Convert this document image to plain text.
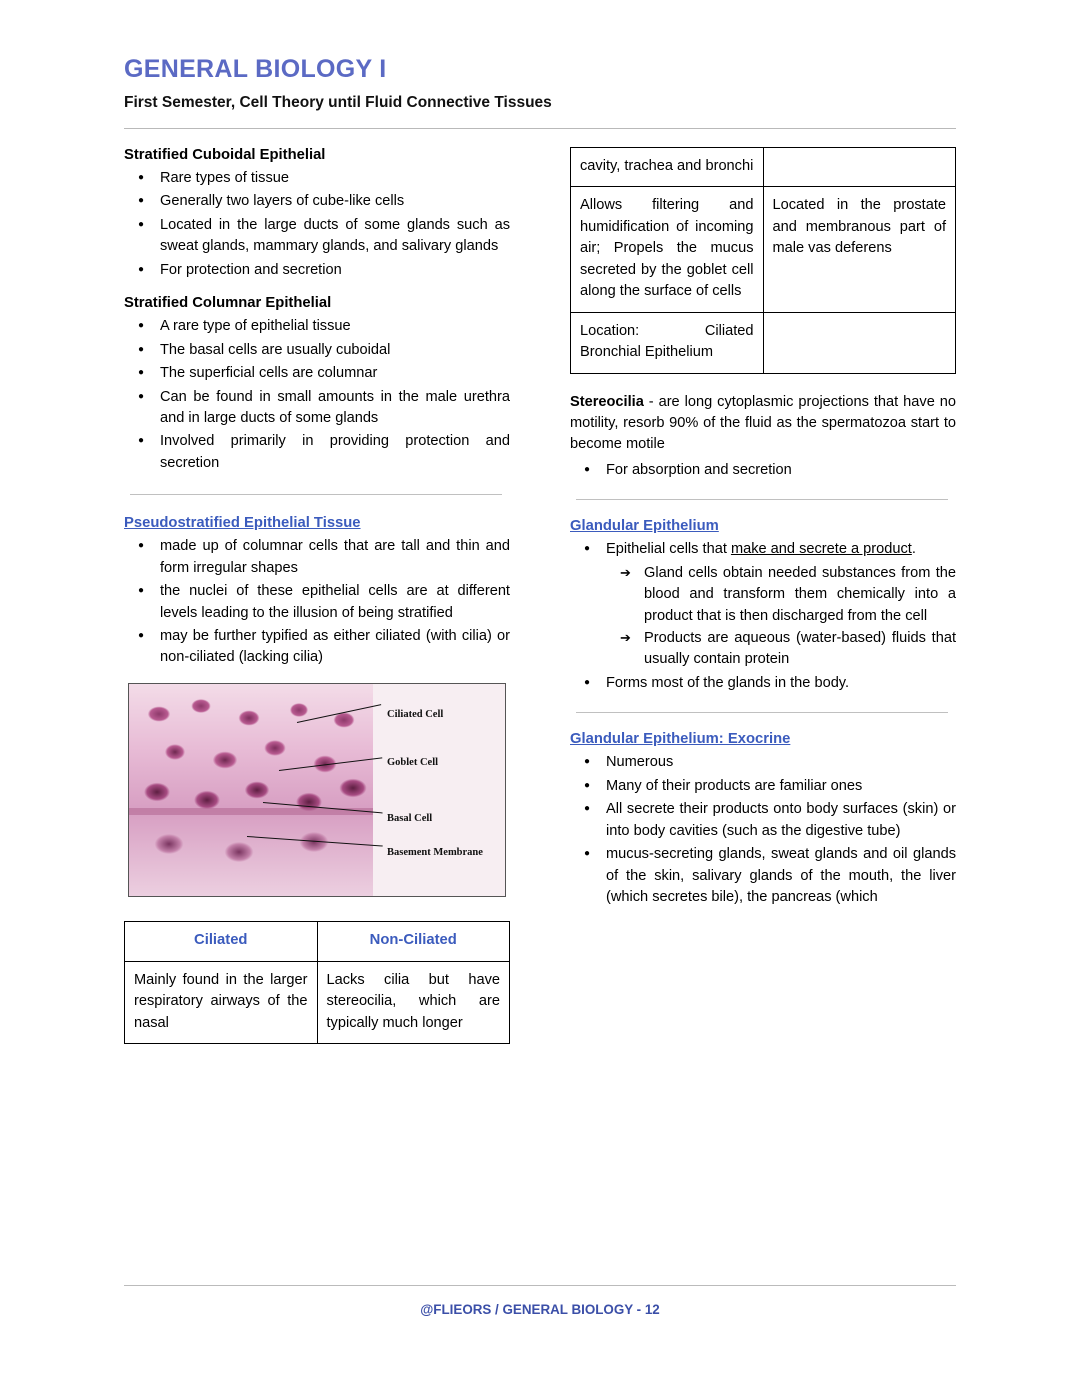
GENERAL BIOLOGY I
First Semester, Cell Theory until Fluid Connective Tissues
Stratified Cuboidal Epithelial
● Rare types of tissue
● Generally two layers of cube-like cells
● Located in the large ducts of some glands such as sweat glands, mammary glands, and salivary glands
● For protection and secretion
Stratified Columnar Epithelial
● A rare type of epithelial tissue
● The basal cells are usually cuboidal
● The superficial cells are columnar
● Can be found in small amounts in the male urethra and in large ducts of some glands
● Involved primarily in providing protection and secretion
Pseudostratified Epithelial Tissue
● made up of columnar cells that are tall and thin and form irregular shapes
● the nuclei of these epithelial cells are at different levels leading to the illusion of being stratified
● may be further typified as either ciliated (with cilia) or non-ciliated (lacking cilia)
Ciliated Cell
Goblet Cell
Basal Cell
Basement Membrane
Ciliated	Non-Ciliated
Mainly found in the larger respiratory airways of the nasal	Lacks cilia but have stereocilia, which are typically much longer
cavity, trachea and bronchi	
Allows filtering and humidification of incoming air; Propels the mucus secreted by the goblet cell along the surface of cells	Located in the prostate and membranous part of male vas deferens
Location: Ciliated Bronchial Epithelium	

Stereocilia - are long cytoplasmic projections that have no motility, resorb 90% of the fluid as the spermatozoa start to become motile

● For absorption and secretion
Glandular Epithelium
● Epithelial cells that make and secrete a product.
➔ Gland cells obtain needed substances from the blood and transform them chemically into a product that is then discharged from the cell
➔ Products are aqueous (water-based) fluids that usually contain protein
● Forms most of the glands in the body.
Glandular Epithelium: Exocrine
● Numerous
● Many of their products are familiar ones
● All secrete their products onto body surfaces (skin) or into body cavities (such as the digestive tube)
● mucus-secreting glands, sweat glands and oil glands of the skin, salivary glands of the mouth, the liver (which secretes bile), the pancreas (which
@FLIEORS / GENERAL BIOLOGY - 12
